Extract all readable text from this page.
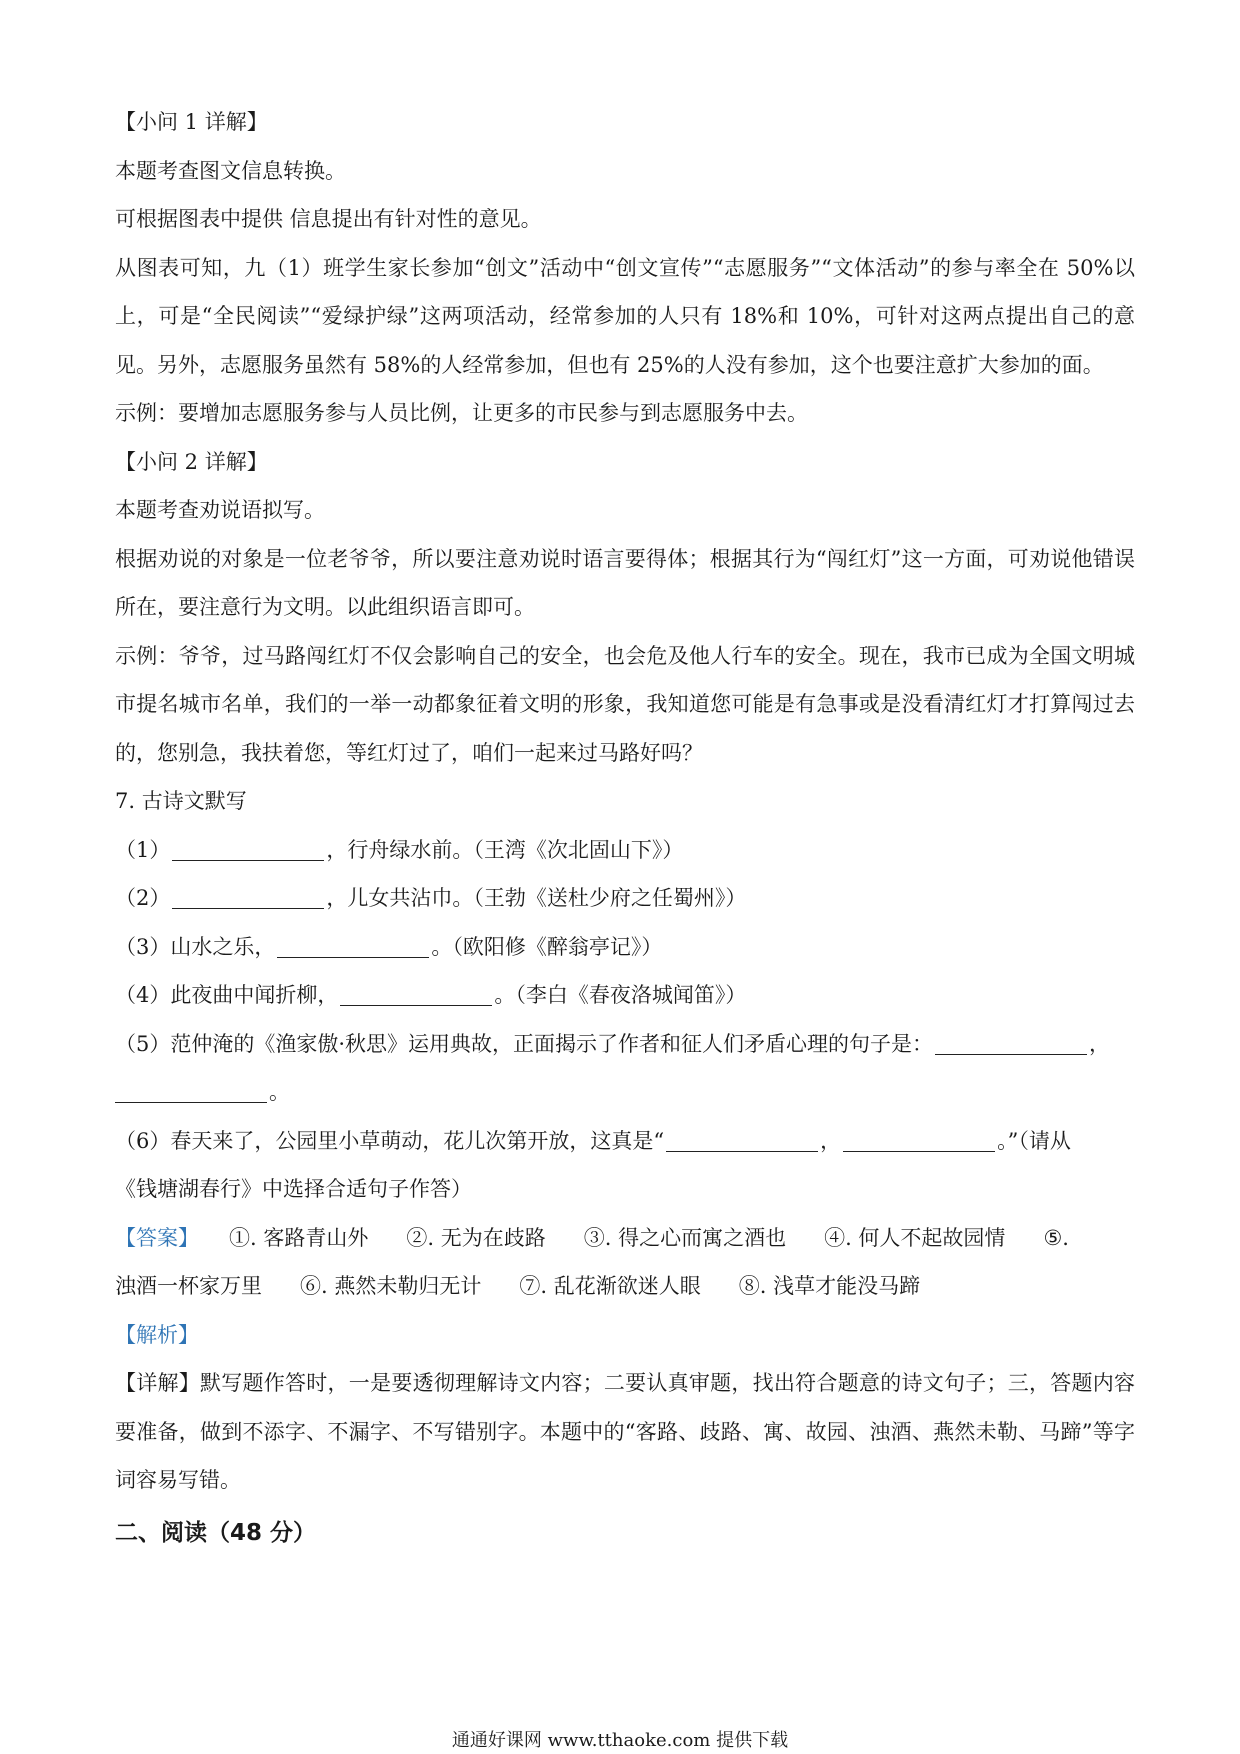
【小问 1 详解】
本题考查图文信息转换。
可根据图表中提供 信息提出有针对性的意见。
从图表可知，九（1）班学生家长参加“创文”活动中“创文宣传”“志愿服务”“文体活动”的参与率全在 50%以上，可是“全民阅读”“爱绿护绿”这两项活动，经常参加的人只有 18%和 10%，可针对这两点提出自己的意见。另外，志愿服务虽然有 58%的人经常参加，但也有 25%的人没有参加，这个也要注意扩大参加的面。
示例：要增加志愿服务参与人员比例，让更多的市民参与到志愿服务中去。
【小问 2 详解】
本题考查劝说语拟写。
根据劝说的对象是一位老爷爷，所以要注意劝说时语言要得体；根据其行为“闯红灯”这一方面，可劝说他错误所在，要注意行为文明。以此组织语言即可。
示例：爷爷，过马路闯红灯不仅会影响自己的安全，也会危及他人行车的安全。现在，我市已成为全国文明城市提名城市名单，我们的一举一动都象征着文明的形象，我知道您可能是有急事或是没看清红灯才打算闯过去的，您别急，我扶着您，等红灯过了，咱们一起来过马路好吗？
7. 古诗文默写
（1）	，行舟绿水前。（王湾《次北固山下》）
（2）	，儿女共沾巾。（王勃《送杜少府之任蜀州》）
（3）山水之乐，	。（欧阳修《醉翁亭记》）
（4）此夜曲中闻折柳，	。（李白《春夜洛城闻笛》）
（5）范仲淹的《渔家傲·秋思》运用典故，正面揭示了作者和征人们矛盾心理的句子是：	，
。
（6）春天来了，公园里小草萌动，花儿次第开放，这真是“	，	。”（请从
《钱塘湖春行》中选择合适句子作答）
【答案】 ①. 客路青山外 ②. 无为在歧路 ③. 得之心而寓之酒也 ④. 何人不起故园情 ⑤.
浊酒一杯家万里 ⑥. 燕然未勒归无计 ⑦. 乱花渐欲迷人眼 ⑧. 浅草才能没马蹄
【解析】
【详解】默写题作答时，一是要透彻理解诗文内容；二要认真审题，找出符合题意的诗文句子；三，答题内容要准备，做到不添字、不漏字、不写错别字。本题中的“客路、歧路、寓、故园、浊酒、燕然未勒、马蹄”等字词容易写错。
二、阅读（48 分）
通通好课网 www.tthaoke.com 提供下载
